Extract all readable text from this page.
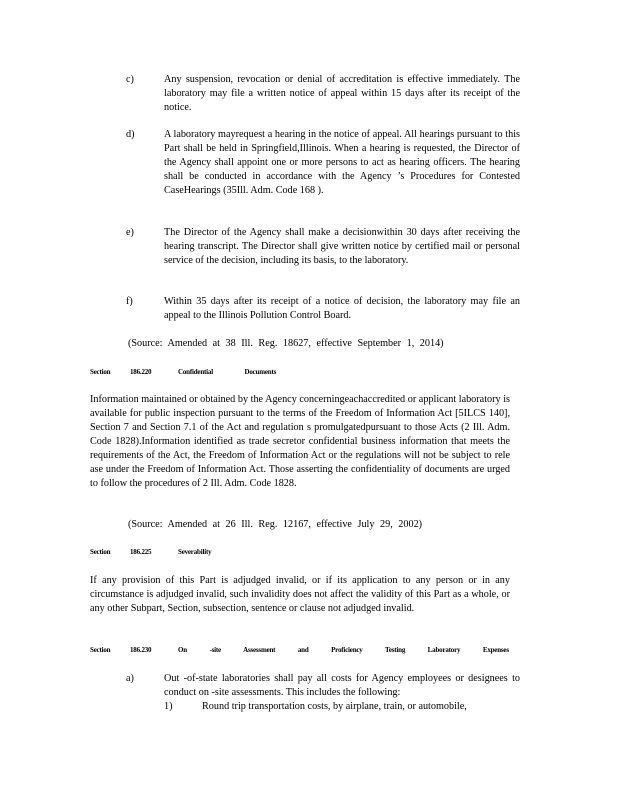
c)	Any suspension, revocation or denial of accreditation is effective immediately. The laboratory may file a written notice of appeal within 15 days after its receipt of the notice.
d)	A laboratory mayrequest a hearing in the notice of appeal. All hearings pursuant to this Part shall be held in Springfield,Illinois. When a hearing is requested, the Director of the Agency shall appoint one or more persons to act as hearing officers. The hearing shall be conducted in accordance with the Agency ’s Procedures for Contested CaseHearings (35Ill. Adm. Code 168 ).
e)	The Director of the Agency shall make a decisionwithin 30 days after receiving the hearing transcript. The Director shall give written notice by certified mail or personal service of the decision, including its basis, to the laboratory.
f)	Within 35 days after its receipt of a notice of decision, the laboratory may file an appeal to the Illinois Pollution Control Board.
(Source: Amended at 38 Ill. Reg. 18627, effective September 1, 2014)
Section	186.220	Confidential Documents
Information maintained or obtained by the Agency concerningeachaccredited or applicant laboratory is available for public inspection pursuant to the terms of the Freedom of Information Act [5ILCS 140], Section 7 and Section 7.1 of the Act and regulation s promulgatedpursuant to those Acts (2 Ill. Adm. Code 1828).Information identified as trade secretor confidential business information that meets the requirements of the Act, the Freedom of Information Act or the regulations will not be subject to rele ase under the Freedom of Information Act. Those asserting the confidentiality of documents are urged to follow the procedures of 2 Ill. Adm. Code 1828.
(Source: Amended at 26 Ill. Reg. 12167, effective July 29, 2002)
Section	186.225	Severability
If any provision of this Part is adjudged invalid, or if its application to any person or in any circumstance is adjudged invalid, such invalidity does not affect the validity of this Part as a whole, or any other Subpart, Section, subsection, sentence or clause not adjudged invalid.
Section	186.230	On -site Assessment and Proficiency Testing Laboratory Expenses
a)	Out -of-state laboratories shall pay all costs for Agency employees or designees to conduct on -site assessments. This includes the following:
1)	Round trip transportation costs, by airplane, train, or automobile,
